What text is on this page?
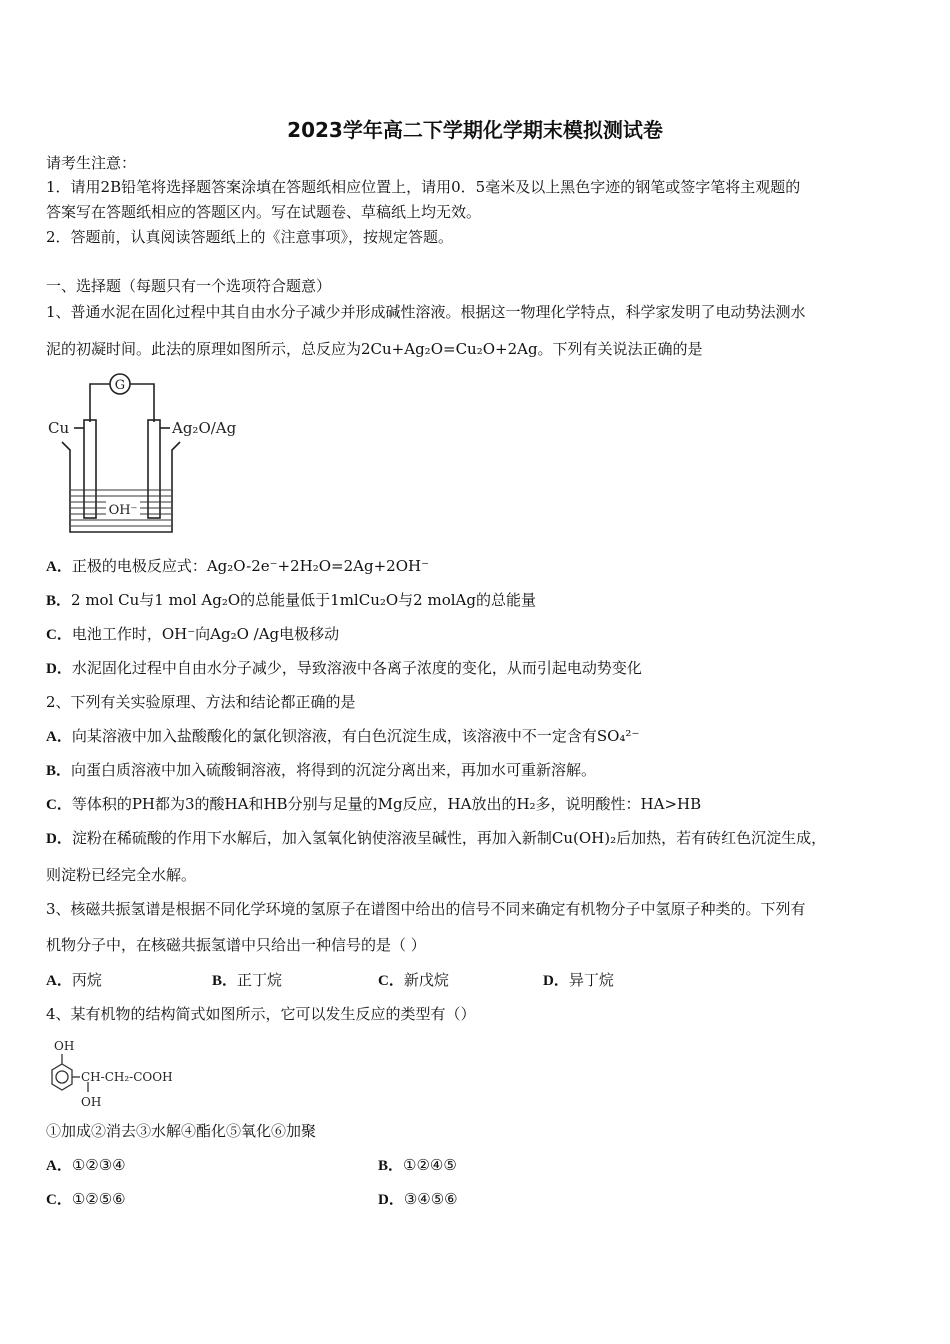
2023学年高二下学期化学期末模拟测试卷
请考生注意：
1．请用2B铅笔将选择题答案涂填在答题纸相应位置上，请用0．5毫米及以上黑色字迹的钢笔或签字笔将主观题的
答案写在答题纸相应的答题区内。写在试题卷、草稿纸上均无效。
2．答题前，认真阅读答题纸上的《注意事项》，按规定答题。
一、选择题（每题只有一个选项符合题意）
1、普通水泥在固化过程中其自由水分子减少并形成碱性溶液。根据这一物理化学特点，科学家发明了电动势法测水
泥的初凝时间。此法的原理如图所示，总反应为2Cu+Ag₂O=Cu₂O+2Ag。下列有关说法正确的是
G
Cu	Ag₂O/Ag
OH⁻
A．正极的电极反应式：Ag₂O-2e⁻+2H₂O=2Ag+2OH⁻
B．2 mol Cu与1 mol Ag₂O的总能量低于1mlCu₂O与2 molAg的总能量
C．电池工作时，OH⁻向Ag₂O /Ag电极移动
D．水泥固化过程中自由水分子减少，导致溶液中各离子浓度的变化，从而引起电动势变化
2、下列有关实验原理、方法和结论都正确的是
A．向某溶液中加入盐酸酸化的氯化钡溶液，有白色沉淀生成，该溶液中不一定含有SO₄²⁻
B．向蛋白质溶液中加入硫酸铜溶液，将得到的沉淀分离出来，再加水可重新溶解。
C．等体积的PH都为3的酸HA和HB分别与足量的Mg反应，HA放出的H₂多，说明酸性：HA>HB
D．淀粉在稀硫酸的作用下水解后，加入氢氧化钠使溶液呈碱性，再加入新制Cu(OH)₂后加热，若有砖红色沉淀生成，
则淀粉已经完全水解。
3、核磁共振氢谱是根据不同化学环境的氢原子在谱图中给出的信号不同来确定有机物分子中氢原子种类的。下列有
机物分子中，在核磁共振氢谱中只给出一种信号的是（ ）
A．丙烷	B．正丁烷	C．新戊烷	D．异丁烷
4、某有机物的结构简式如图所示，它可以发生反应的类型有（）
OH
CH-CH₂-COOH
OH
①加成②消去③水解④酯化⑤氧化⑥加聚
A．①②③④	B．①②④⑤
C．①②⑤⑥	D．③④⑤⑥
